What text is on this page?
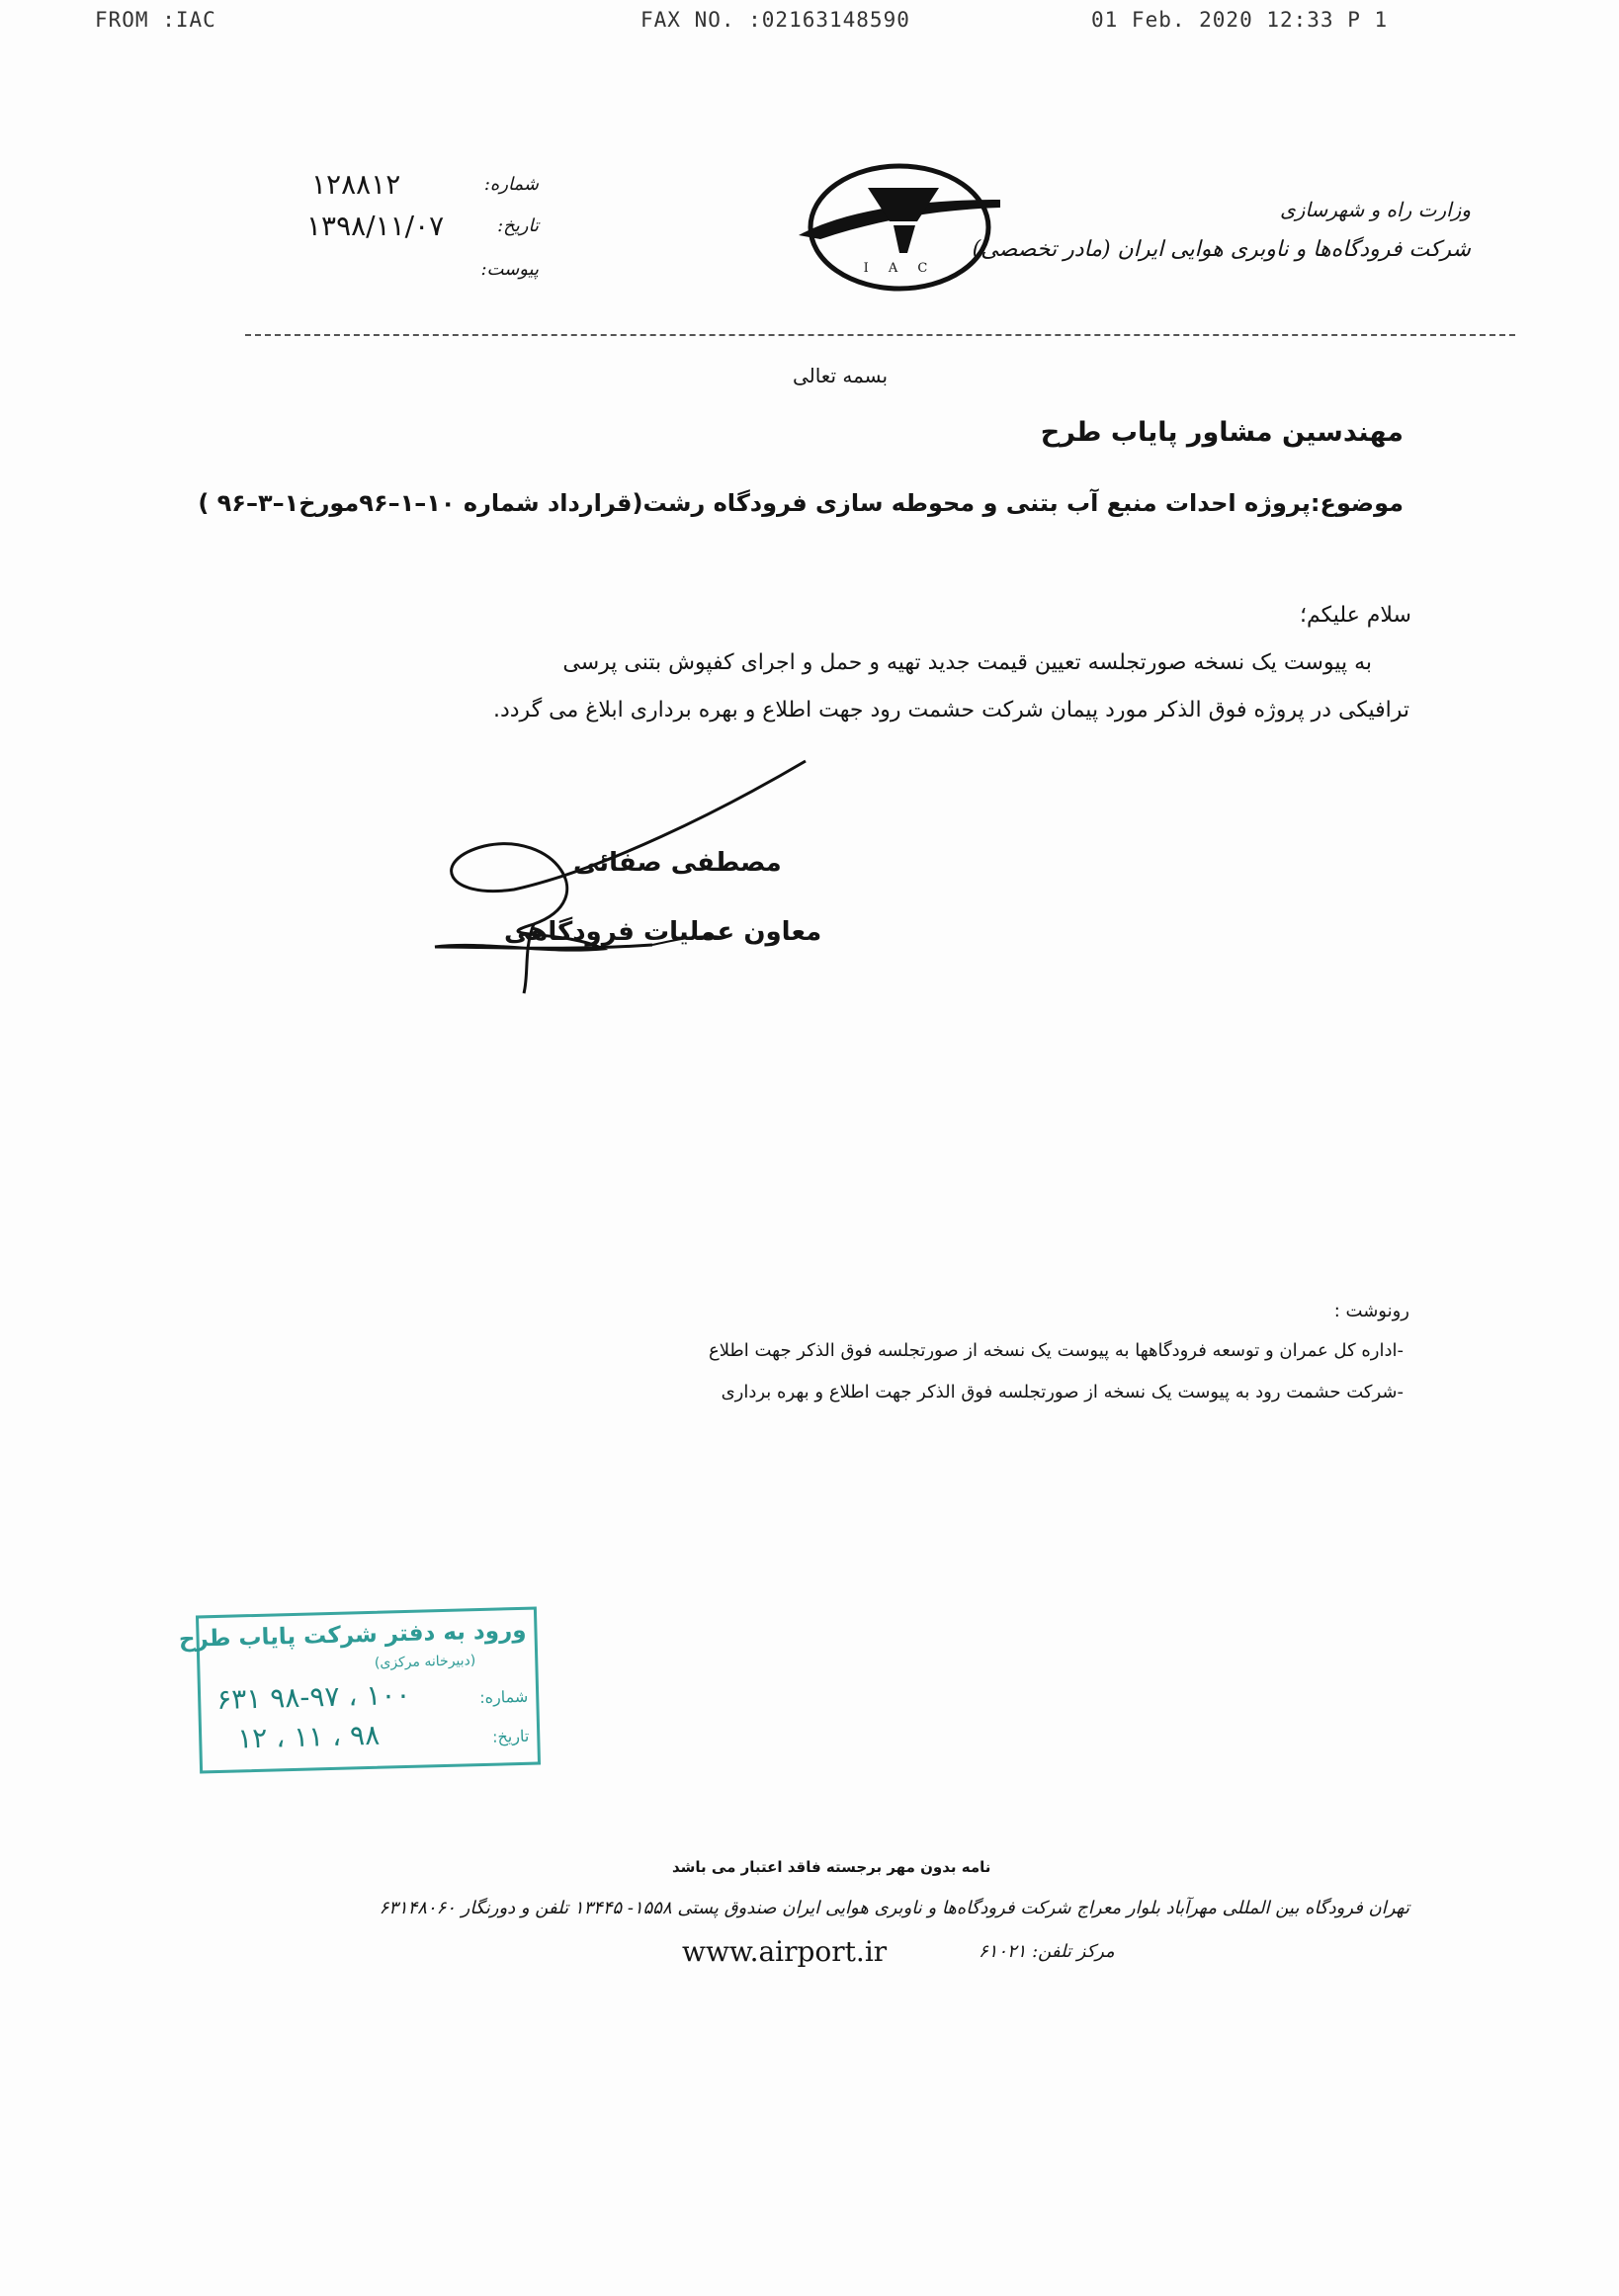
FROM :IAC	FAX NO. :02163148590	01 Feb. 2020 12:33 P 1
۱۲۸۸۱۲	شماره:
۱۳۹۸/۱۱/۰۷	تاریخ:
پیوست:	I A C
وزارت راه و شهرسازی
شرکت فرودگاه‌ها و ناوبری هوایی ایران (مادر تخصصی)
بسمه تعالی
مهندسین مشاور پایاب طرح
موضوع:پروژه احدات منبع آب بتنی و محوطه سازی فرودگاه رشت(قرارداد شماره ۱۰–۱–۹۶مورخ۱–۳–۹۶ )
سلام علیکم؛
به پیوست یک نسخه صورتجلسه تعیین قیمت جدید تهیه و حمل و اجرای کفپوش بتنی پرسی
ترافیکی در پروژه فوق الذکر مورد پیمان شرکت حشمت رود جهت اطلاع و بهره برداری ابلاغ می گردد.
مصطفی صفائی
معاون عملیات فرودگاهی
رونوشت :
-اداره کل عمران و توسعه فرودگاهها به پیوست یک نسخه از صورتجلسه فوق الذکر جهت اطلاع
-شرکت حشمت رود به پیوست یک نسخه از صورتجلسه فوق الذکر جهت اطلاع و بهره برداری
ورود به دفتر شرکت پایاب طرح
(دبیرخانه مرکزی)
شماره:
۱۰۰ ، ۹۸-۹۷ ۶۳۱
تاریخ:
۹۸ ، ۱۱ ، ۱۲
نامه بدون مهر برجسته فاقد اعتبار می باشد
تهران فرودگاه بین المللی مهرآباد بلوار معراج شرکت فرودگاه‌ها و ناوبری هوایی ایران صندوق پستی ۱۵۵۸- ۱۳۴۴۵ تلفن و دورنگار ۶۳۱۴۸۰۶۰
مرکز تلفن: ۶۱۰۲۱
www.airport.ir
